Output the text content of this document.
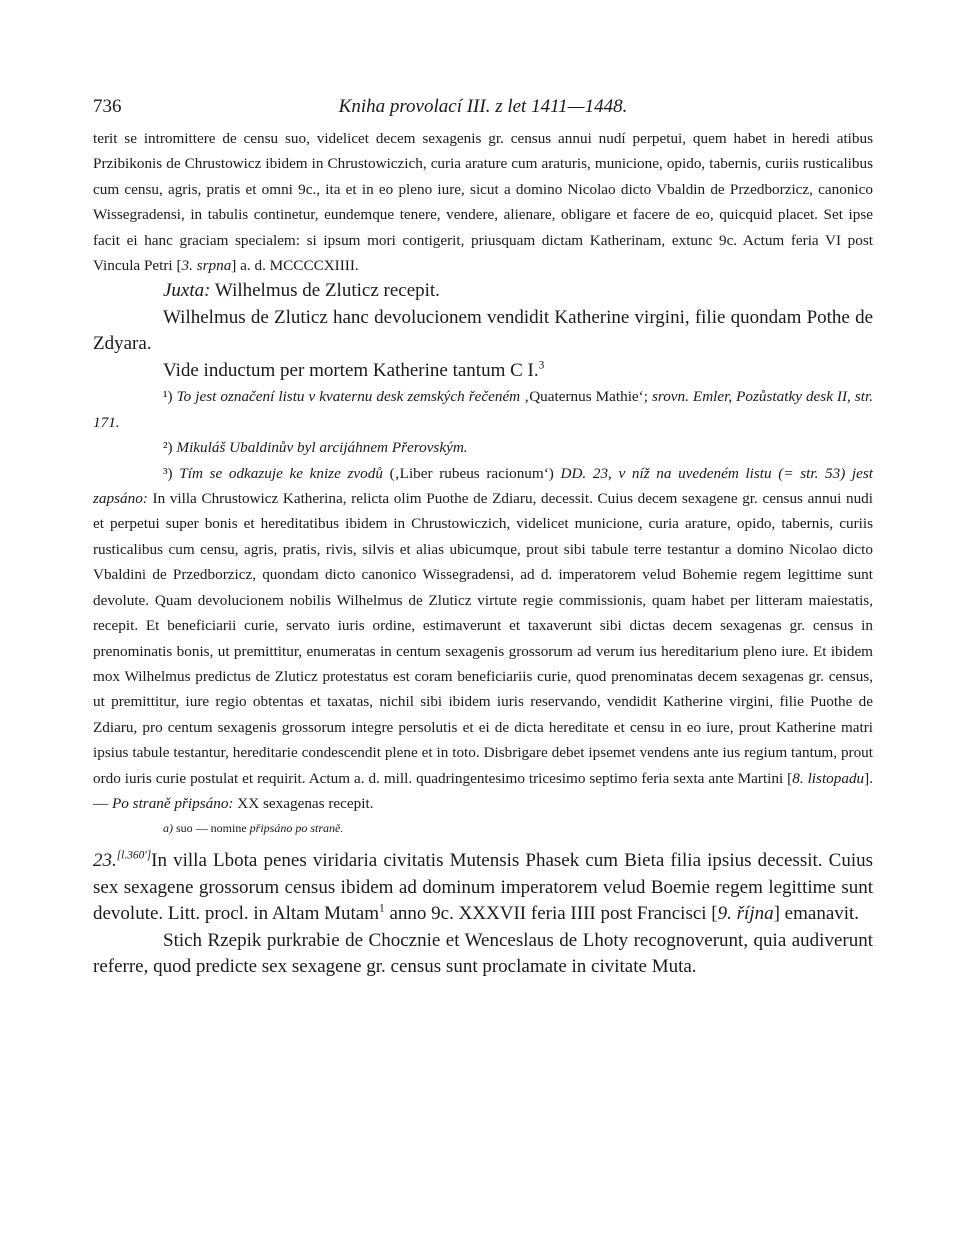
736	Kniha provolací III. z let 1411—1448.

terit se intromittere de censu suo, videlicet decem sexagenis gr. census annui nudí perpetui, quem habet in heredi atibus Przibikonis de Chrustowicz ibidem in Chrustowiczich, curia arature cum araturis, municione, opido, tabernis, curiis rusticalibus cum censu, agris, pratis et omni 9c., ita et in eo pleno iure, sicut a domino Nicolao dicto Vbaldin de Przedborzicz, canonico Wissegradensi, in tabulis continetur, eundemque tenere, vendere, alienare, obligare et facere de eo, quicquid placet. Set ipse facit ei hanc graciam specialem: si ipsum mori contigerit, priusquam dictam Katherinam, extunc 9c. Actum feria VI post Vincula Petri [3. srpna] a. d. MCCCCXIIII.

Juxta: Wilhelmus de Zluticz recepit.

Wilhelmus de Zluticz hanc devolucionem vendidit Katherine virgini, filie quondam Pothe de Zdyara.

Vide inductum per mortem Katherine tantum C I.$^3$

¹) To jest označení listu v kvaternu desk zemských řečeném ‚Quaternus Mathie‘; srovn. Emler, Pozůstatky desk II, str. 171.

²) Mikuláš Ubaldinův byl arcijáhnem Přerovským.

³) Tím se odkazuje ke knize zvodů (‚Liber rubeus racionum‘) DD. 23, v níž na uvedeném listu (= str. 53) jest zapsáno: In villa Chrustowicz Katherina, relicta olim Puothe de Zdiaru, decessit. Cuius decem sexagene gr. census annui nudi et perpetui super bonis et hereditatibus ibidem in Chrustowiczich, videlicet municione, curia arature, opido, tabernis, curiis rusticalibus cum censu, agris, pratis, rivis, silvis et alias ubicumque, prout sibi tabule terre testantur a domino Nicolao dicto Vbaldini de Przedborzicz, quondam dicto canonico Wissegradensi, ad d. imperatorem velud Bohemie regem legittime sunt devolute. Quam devolucionem nobilis Wilhelmus de Zluticz virtute regie commissionis, quam habet per litteram maiestatis, recepit. Et beneficiarii curie, servato iuris ordine, estimaverunt et taxaverunt sibi dictas decem sexagenas gr. census in prenominatis bonis, ut premittitur, enumeratas in centum sexagenis grossorum ad verum ius hereditarium pleno iure. Et ibidem mox Wilhelmus predictus de Zluticz protestatus est coram beneficiariis curie, quod prenominatas decem sexagenas gr. census, ut premittitur, iure regio obtentas et taxatas, nichil sibi ibidem iuris reservando, vendidit Katherine virgini, filie Puothe de Zdiaru, pro centum sexagenis grossorum integre persolutis et ei de dicta hereditate et censu in eo iure, prout Katherine matri ipsius tabule testantur, hereditarie condescendit plene et in toto. Disbrigare debet ipsemet vendens ante ius regium tantum, prout ordo iuris curie postulat et requirit. Actum a. d. mill. quadringentesimo tricesimo septimo feria sexta ante Martini [8. listopadu]. — Po straně připsáno: XX sexagenas recepit.

a) suo — nomine připsáno po straně.

23.[l.360']In villa Lbota penes viridaria civitatis Mutensis Phasek cum Bieta filia ipsius decessit. Cuius sex sexagene grossorum census ibidem ad dominum imperatorem velud Boemie regem legittime sunt devolute. Litt. procl. in Altam Mutam$^1$ anno 9c. XXXVII feria IIII post Francisci [9. října] emanavit.

Stich Rzepik purkrabie de Chocznie et Wenceslaus de Lhoty recognoverunt, quia audiverunt referre, quod predicte sex sexagene gr. census sunt proclamate in civitate Muta.
